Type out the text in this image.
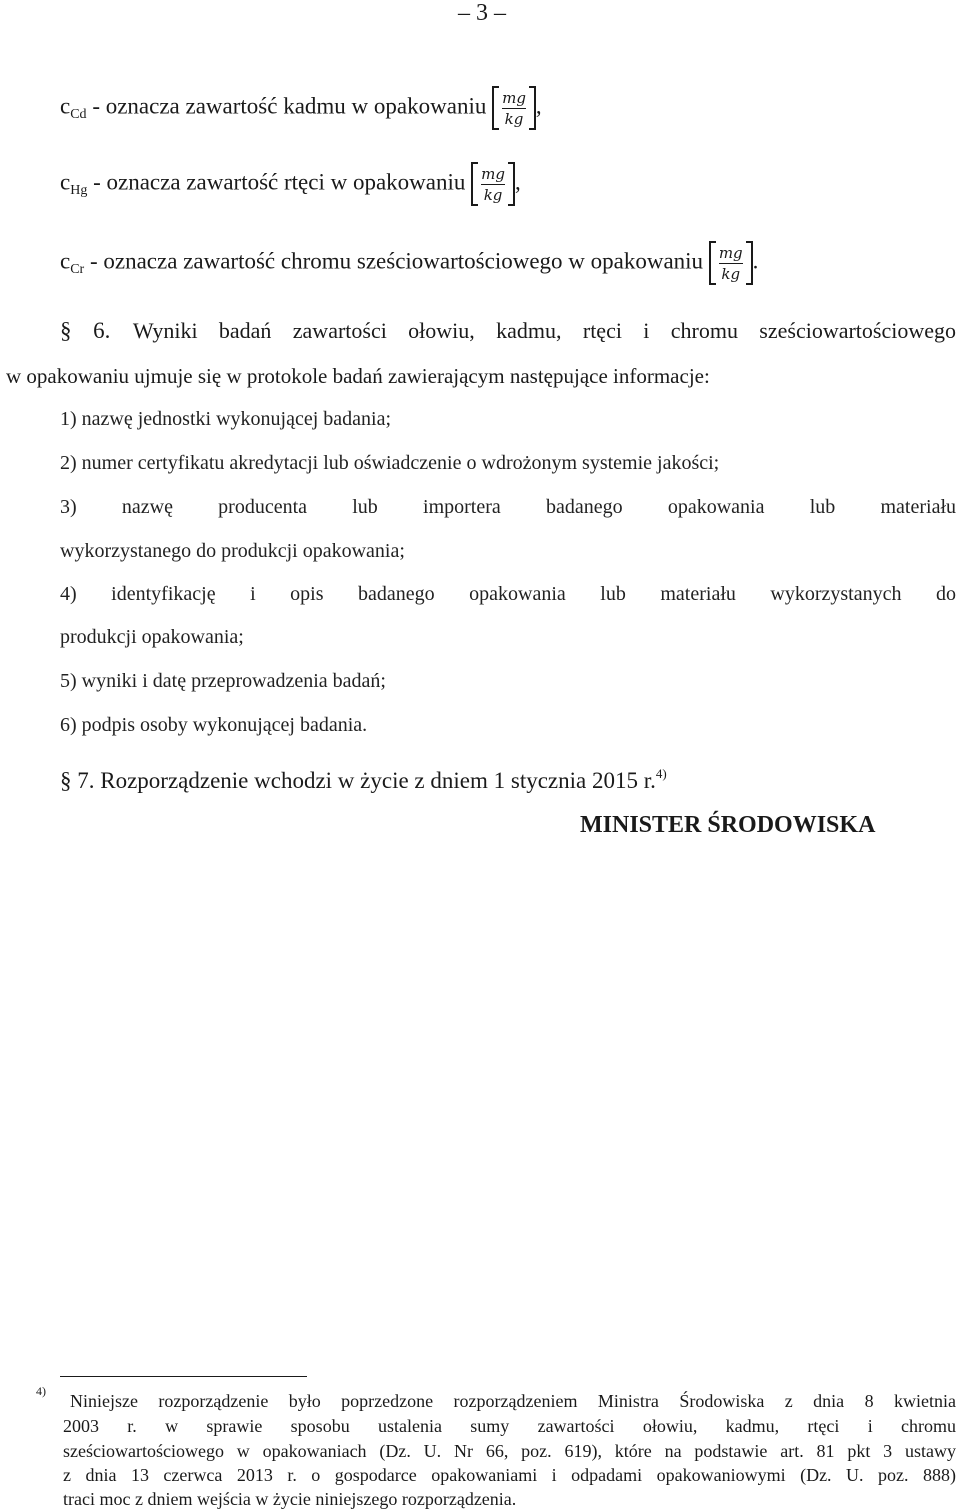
– 3 –
$c_{Cd}$ - oznacza zawartość kadmu w opakowaniu $\frac{mg}{kg}$ ,
$c_{Hg}$ - oznacza zawartość rtęci w opakowaniu $\frac{mg}{kg}$ ,
$c_{Cr}$ - oznacza zawartość chromu sześciowartościowego w opakowaniu $\frac{mg}{kg}$ .
§ 6. Wyniki badań zawartości ołowiu, kadmu, rtęci i chromu sześciowartościowego
w opakowaniu ujmuje się w protokole badań zawierającym następujące informacje:
1) nazwę jednostki wykonującej badania;
2) numer certyfikatu akredytacji lub oświadczenie o wdrożonym systemie jakości;
3) nazwę producenta lub importera badanego opakowania lub materiału
wykorzystanego do produkcji opakowania;
4) identyfikację i opis badanego opakowania lub materiału wykorzystanych do
produkcji opakowania;
5) wyniki i datę przeprowadzenia badań;
6) podpis osoby wykonującej badania.
§ 7. Rozporządzenie wchodzi w życie z dniem 1 stycznia 2015 r.$^{4)}$
MINISTER ŚRODOWISKA
4) Niniejsze rozporządzenie było poprzedzone rozporządzeniem Ministra Środowiska z dnia 8 kwietnia
2003 r. w sprawie sposobu ustalenia sumy zawartości ołowiu, kadmu, rtęci i chromu
sześciowartościowego w opakowaniach (Dz. U. Nr 66, poz. 619), które na podstawie art. 81 pkt 3 ustawy
z dnia 13 czerwca 2013 r. o gospodarce opakowaniami i odpadami opakowaniowymi (Dz. U. poz. 888)
traci moc z dniem wejścia w życie niniejszego rozporządzenia.
